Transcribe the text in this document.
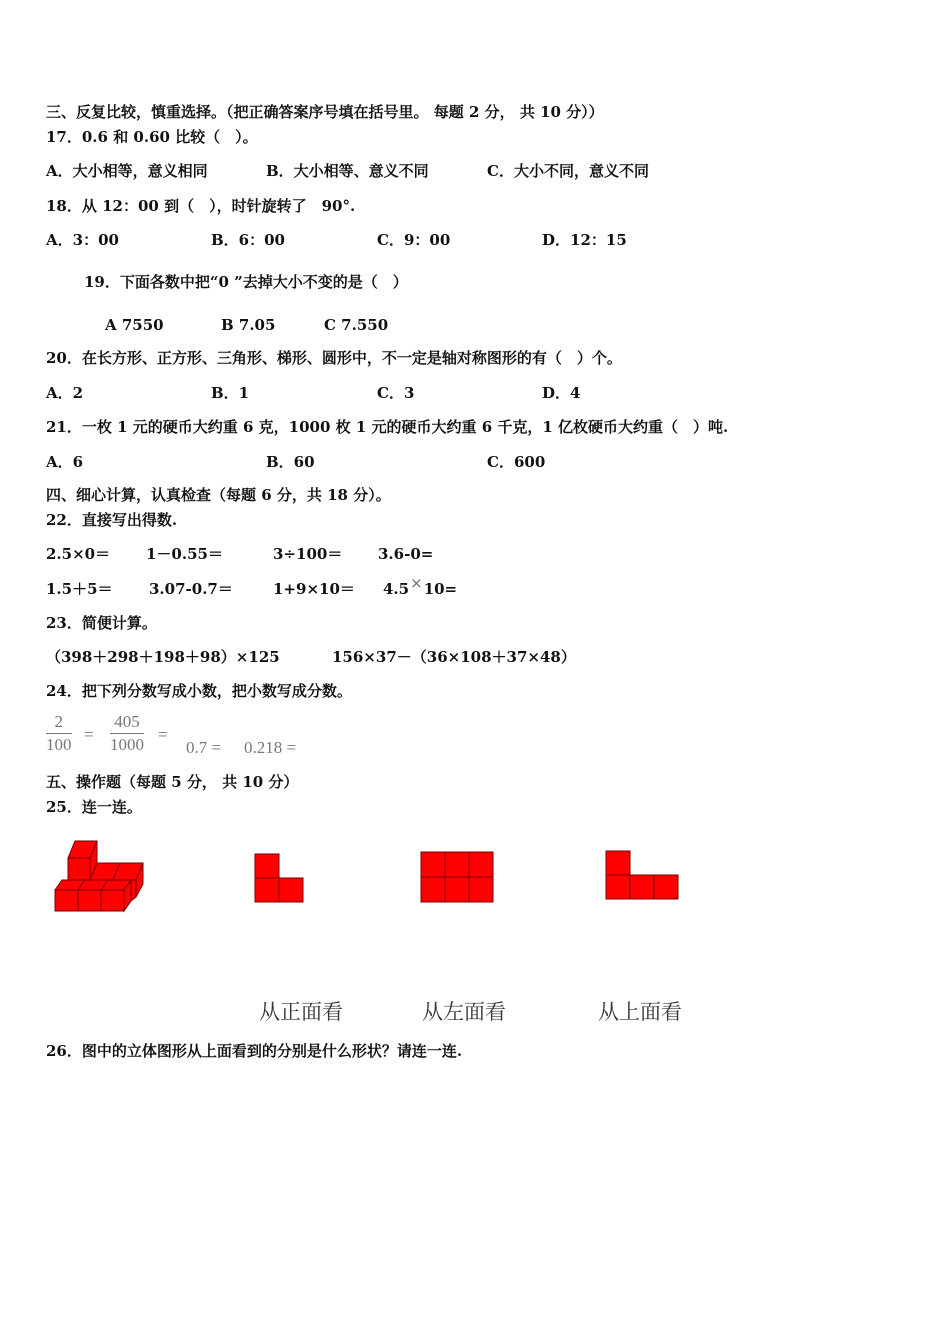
三、反复比较，慎重选择。（把正确答案序号填在括号里。 每题 2 分， 共 10 分））
17．0.6 和 0.60 比较（　）。
A．大小相等，意义相同	B．大小相等、意义不同	C．大小不同，意义不同
18．从 12：00 到（　），时针旋转了　90°.
A．3：00	B．6：00	C．9：00	D．12：15
19．下面各数中把“0 ”去掉大小不变的是（　）
A 7550	B 7.05	C 7.550
20．在长方形、正方形、三角形、梯形、圆形中，不一定是轴对称图形的有（　）个。
A．2	B．1	C．3	D．4
21．一枚 1 元的硬币大约重 6 克，1000 枚 1 元的硬币大约重 6 千克，1 亿枚硬币大约重（　）吨.
A．6	B．60	C．600
四、细心计算，认真检查（每题 6 分，共 18 分）。
22．直接写出得数.
2.5×0＝ 1－0.55＝	3÷100＝ 3.6-0=
1.5＋5＝ 3.07-0.7＝	1+9×10＝ 4.5×10=
23．简便计算。
（398＋298＋198＋98）×125	156×37－（36×108＋37×48）
24．把下列分数写成小数，把小数写成分数。
$\frac{2}{100} = \frac{405}{1000}$ =
0.7 = 0.218 =
五、操作题（每题 5 分， 共 10 分）
25．连一连。
从正面看	从左面看	从上面看
26．图中的立体图形从上面看到的分别是什么形状？请连一连.
